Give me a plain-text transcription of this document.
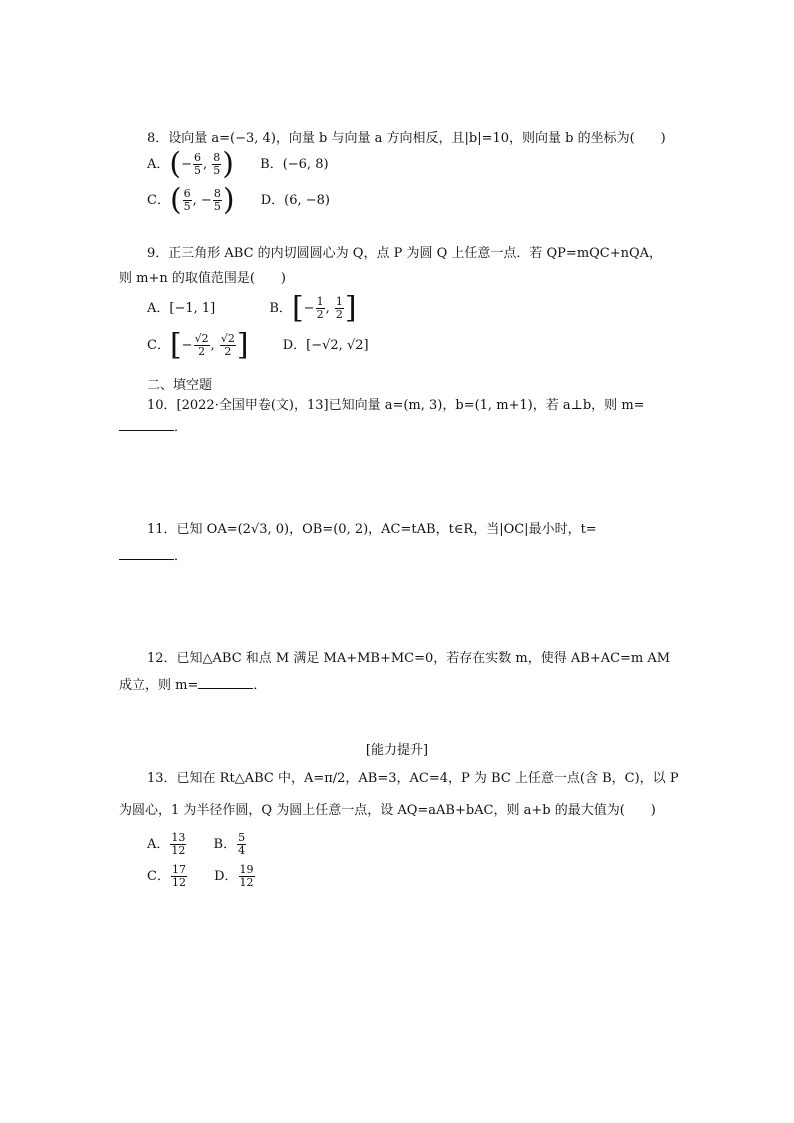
8．设向量 a=(−3, 4)，向量 b 与向量 a 方向相反，且|b|=10，则向量 b 的坐标为(　　)
A．(− $\frac{6}{5}$ , $\frac{8}{5}$ ) B．(−6, 8)
C．( $\frac{6}{5}$ , − $\frac{8}{5}$ ) D．(6, −8)
9．正三角形 ABC 的内切圆圆心为 Q，点 P 为圆 Q 上任意一点．若 QP=mQC+nQA，
则 m+n 的取值范围是(　　)
A．[−1, 1]	B．[− $\frac{1}{2}$ , $\frac{1}{2}$ ]
C．[− $\frac{√2}{2}$ , $\frac{√2}{2}$ ]	D．[−√2, √2]
二、填空题
10．[2022·全国甲卷(文)，13]已知向量 a=(m, 3)，b=(1, m+1)，若 a⊥b，则 m=
．
11．已知 OA=(2√3, 0)，OB=(0, 2)，AC=tAB，t∈R，当|OC|最小时，t=
．
12．已知△ABC 和点 M 满足 MA+MB+MC=0，若存在实数 m，使得 AB+AC=m AM
成立，则 m=	．
[能力提升]
13．已知在 Rt△ABC 中，A=π/2，AB=3，AC=4，P 为 BC 上任意一点(含 B，C)，以 P
为圆心，1 为半径作圆，Q 为圆上任意一点，设 AQ=aAB+bAC，则 a+b 的最大值为(　　)
A． $\frac{13}{12}$ B． $\frac{5}{4}$
C． $\frac{17}{12}$ D． $\frac{19}{12}$
